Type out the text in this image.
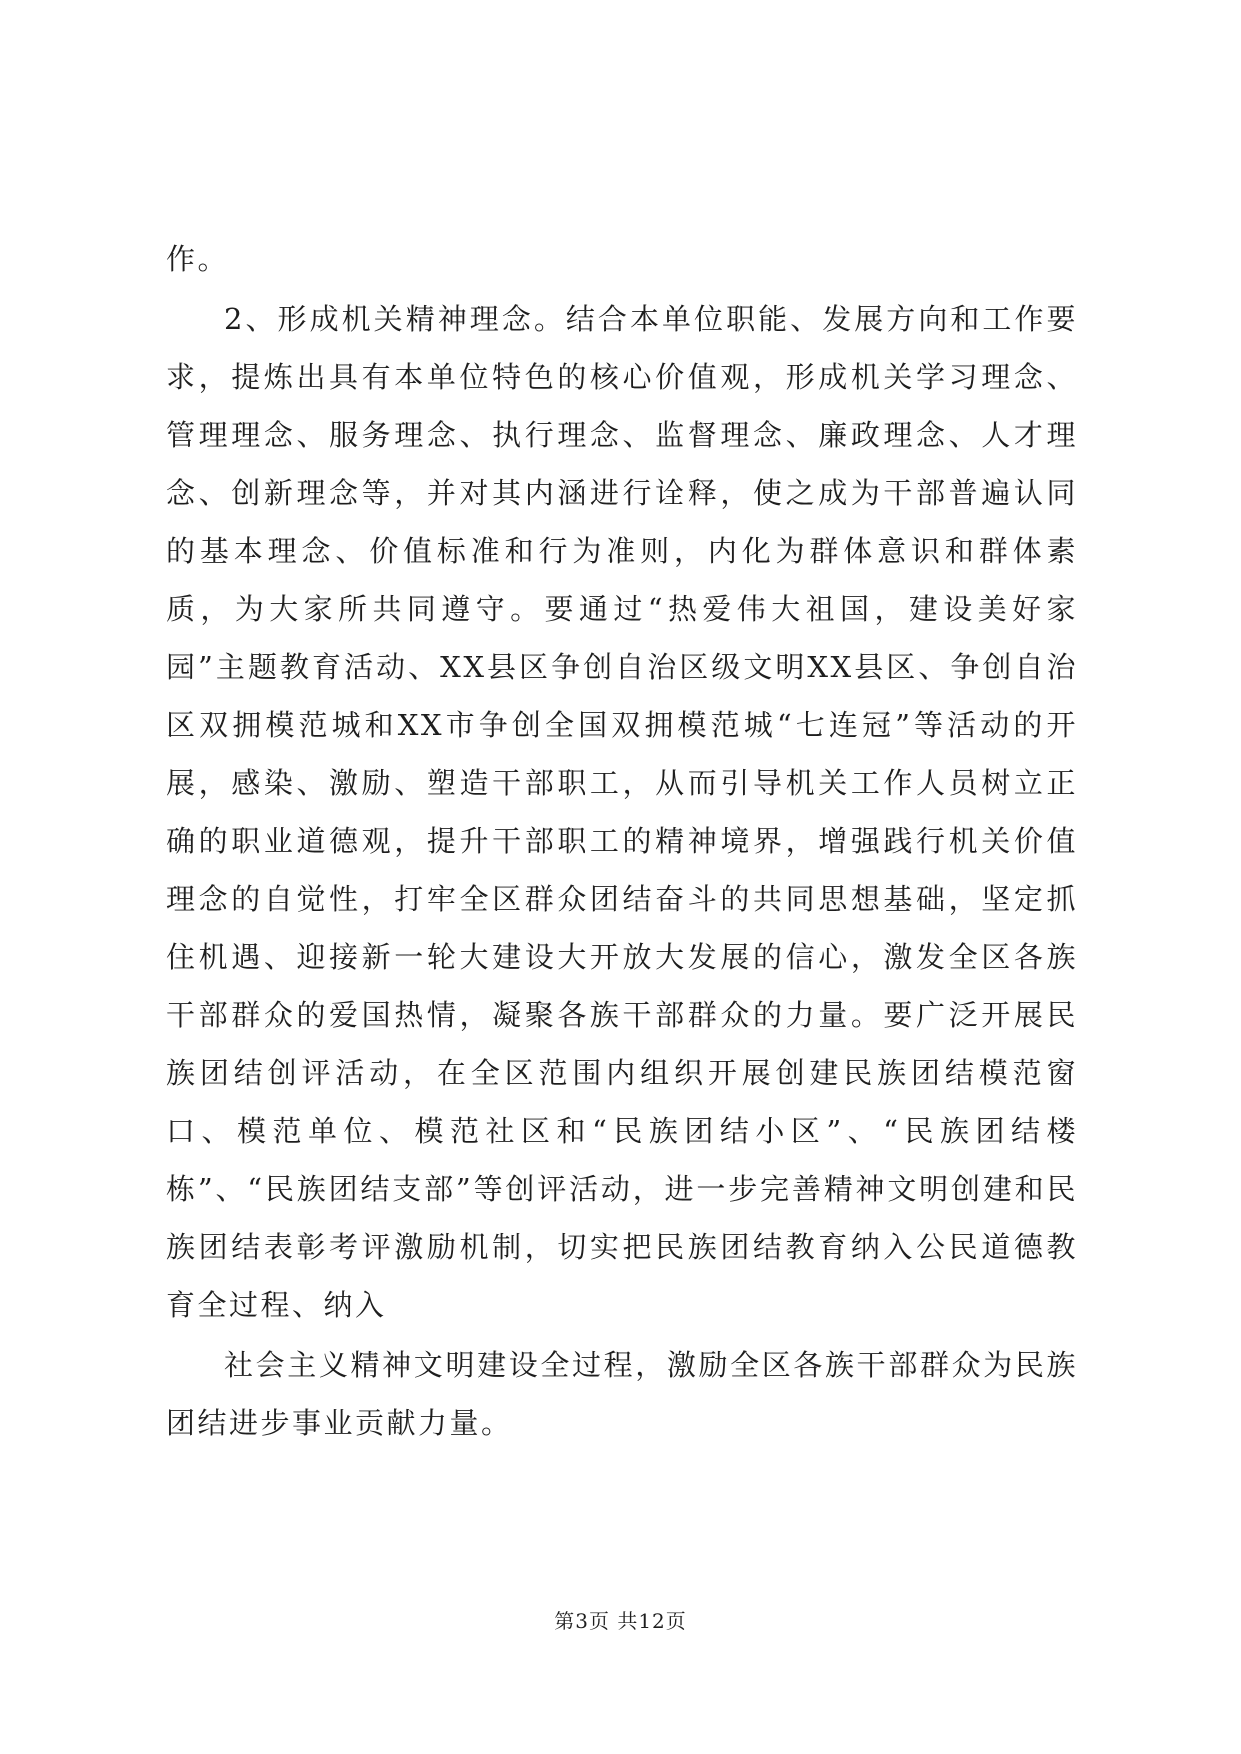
作。

2、形成机关精神理念。结合本单位职能、发展方向和工作要求，提炼出具有本单位特色的核心价值观，形成机关学习理念、管理理念、服务理念、执行理念、监督理念、廉政理念、人才理念、创新理念等，并对其内涵进行诠释，使之成为干部普遍认同的基本理念、价值标准和行为准则，内化为群体意识和群体素质，为大家所共同遵守。要通过“热爱伟大祖国，建设美好家园”主题教育活动、XX县区争创自治区级文明XX县区、争创自治区双拥模范城和XX市争创全国双拥模范城“七连冠”等活动的开展，感染、激励、塑造干部职工，从而引导机关工作人员树立正确的职业道德观，提升干部职工的精神境界，增强践行机关价值理念的自觉性，打牢全区群众团结奋斗的共同思想基础，坚定抓住机遇、迎接新一轮大建设大开放大发展的信心，激发全区各族干部群众的爱国热情，凝聚各族干部群众的力量。要广泛开展民族团结创评活动，在全区范围内组织开展创建民族团结模范窗口、模范单位、模范社区和“民族团结小区”、“民族团结楼栋”、“民族团结支部”等创评活动，进一步完善精神文明创建和民族团结表彰考评激励机制，切实把民族团结教育纳入公民道德教育全过程、纳入

社会主义精神文明建设全过程，激励全区各族干部群众为民族团结进步事业贡献力量。

第3页 共12页
